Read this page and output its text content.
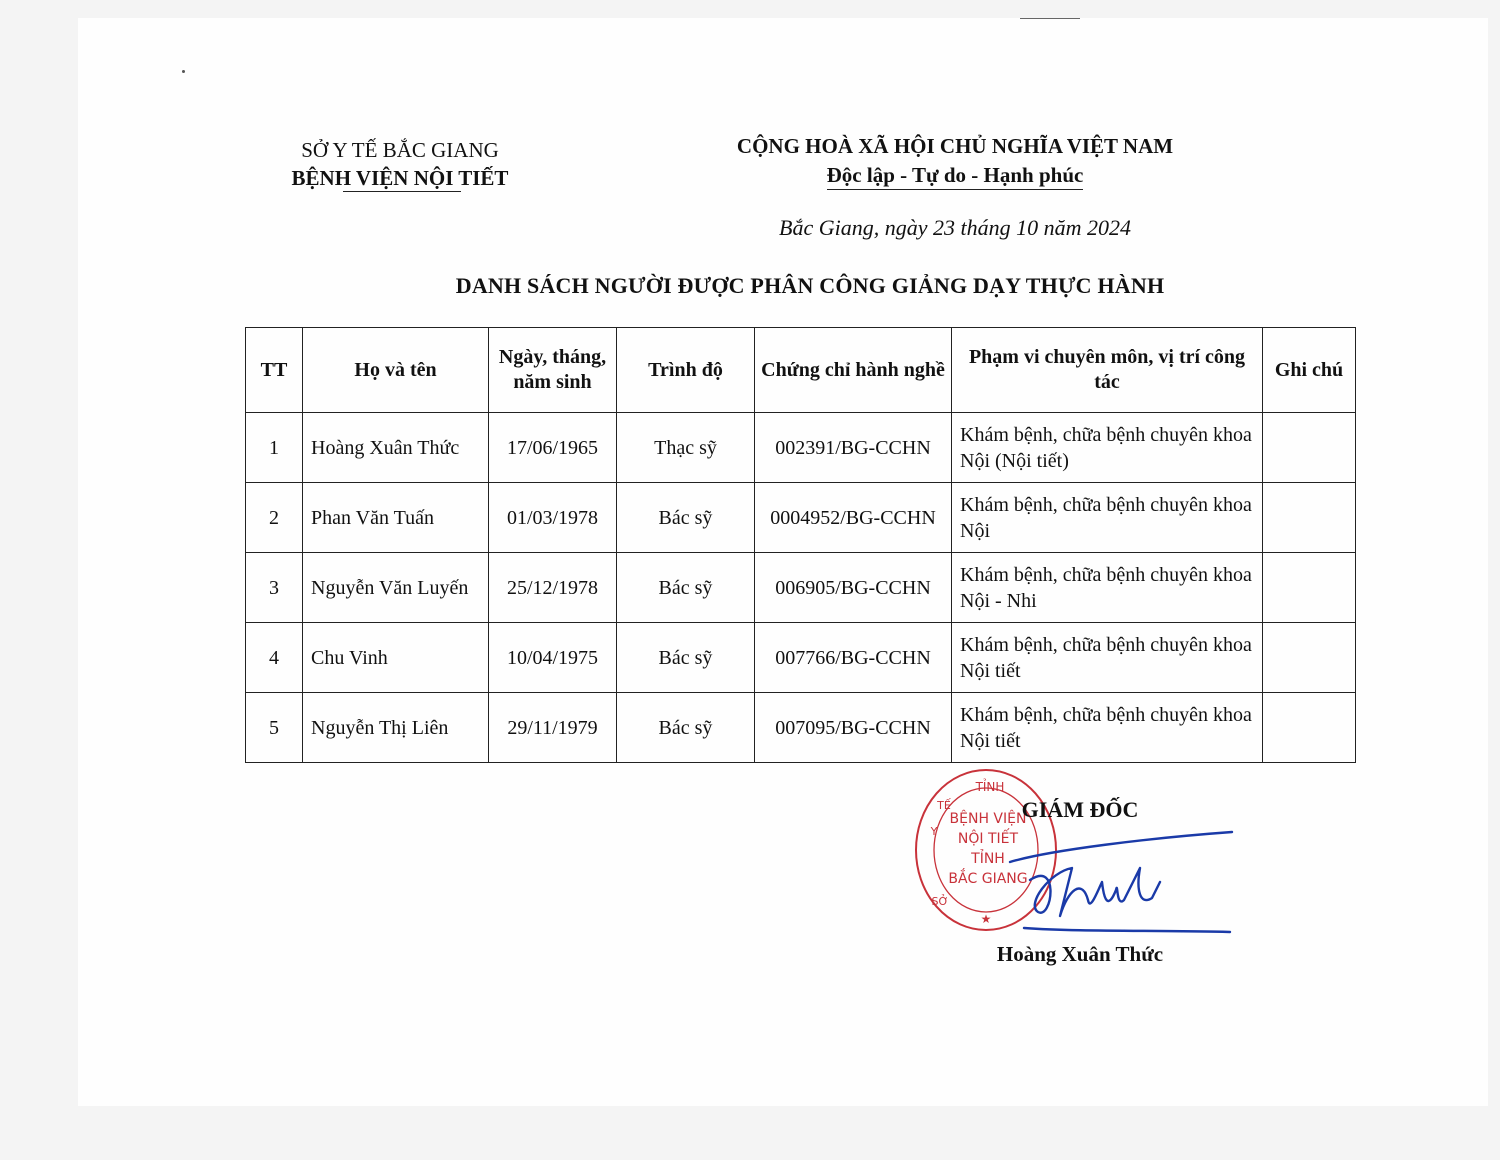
SỞ Y TẾ BẮC GIANG
BỆNH VIỆN NỘI TIẾT
CỘNG HOÀ XÃ HỘI CHỦ NGHĨA VIỆT NAM
Độc lập - Tự do - Hạnh phúc
Bắc Giang, ngày 23 tháng 10 năm 2024
DANH SÁCH NGƯỜI ĐƯỢC PHÂN CÔNG GIẢNG DẠY THỰC HÀNH
TT	Họ và tên	Ngày, tháng, năm sinh	Trình độ	Chứng chỉ hành nghề	Phạm vi chuyên môn, vị trí công tác	Ghi chú
1	Hoàng Xuân Thức	17/06/1965	Thạc sỹ	002391/BG-CCHN	Khám bệnh, chữa bệnh chuyên khoa Nội (Nội tiết)	
2	Phan Văn Tuấn	01/03/1978	Bác sỹ	0004952/BG-CCHN	Khám bệnh, chữa bệnh chuyên khoa Nội	
3	Nguyễn Văn Luyến	25/12/1978	Bác sỹ	006905/BG-CCHN	Khám bệnh, chữa bệnh chuyên khoa Nội - Nhi	
4	Chu Vinh	10/04/1975	Bác sỹ	007766/BG-CCHN	Khám bệnh, chữa bệnh chuyên khoa Nội tiết	
5	Nguyễn Thị Liên	29/11/1979	Bác sỹ	007095/BG-CCHN	Khám bệnh, chữa bệnh chuyên khoa Nội tiết	
TỈNH
BỆNH VIỆN
NỘI TIẾT
TỈNH
BẮC GIANG
Y
TẾ
SỞ
★
GIÁM ĐỐC
Hoàng Xuân Thức
